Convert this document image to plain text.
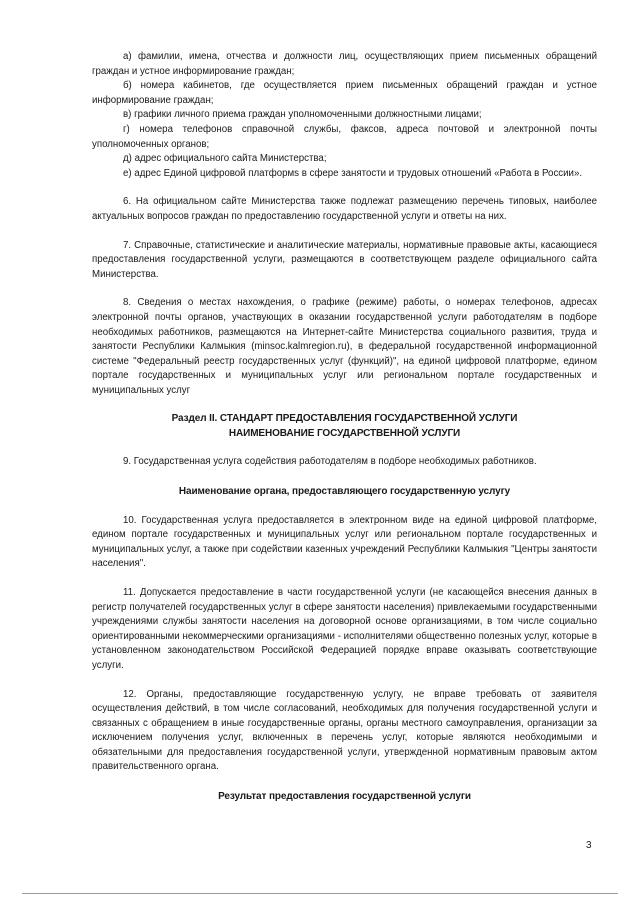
а) фамилии, имена, отчества и должности лиц, осуществляющих прием письменных обращений граждан и устное информирование граждан;

б) номера кабинетов, где осуществляется прием письменных обращений граждан и устное информирование граждан;

в) графики личного приема граждан уполномоченными должностными лицами;

г) номера телефонов справочной службы, факсов, адреса почтовой и электронной почты уполномоченных органов;

д) адрес официального сайта Министерства;

е) адрес Единой цифровой платформs в сфере занятости и трудовых отношений «Работа в России».

6. На официальном сайте Министерства также подлежат размещению перечень типовых, наиболее актуальных вопросов граждан по предоставлению государственной услуги и ответы на них.

7. Справочные, статистические и аналитические материалы, нормативные правовые акты, касающиеся предоставления государственной услуги, размещаются в соответствующем разделе официального сайта Министерства.

8. Сведения о местах нахождения, о графике (режиме) работы, о номерах телефонов, адресах электронной почты органов, участвующих в оказании государственной услуги работодателям в подборе необходимых работников, размещаются на Интернет-сайте Министерства социального развития, труда и занятости Республики Калмыкия (minsoc.kalmregion.ru), в федеральной государственной информационной системе "Федеральный реестр государственных услуг (функций)", на единой цифровой платформе, едином портале государственных и муниципальных услуг или региональном портале государственных и муниципальных услуг

Раздел II. СТАНДАРТ ПРЕДОСТАВЛЕНИЯ ГОСУДАРСТВЕННОЙ УСЛУГИ
НАИМЕНОВАНИЕ ГОСУДАРСТВЕННОЙ УСЛУГИ

9. Государственная услуга содействия работодателям в подборе необходимых работников.

Наименование органа, предоставляющего государственную услугу

10. Государственная услуга предоставляется в электронном виде на единой цифровой платформе, едином портале государственных и муниципальных услуг или региональном портале государственных и муниципальных услуг, а также при содействии казенных учреждений Республики Калмыкия "Центры занятости населения".

11. Допускается предоставление в части государственной услуги (не касающейся внесения данных в регистр получателей государственных услуг в сфере занятости населения) привлекаемыми государственными учреждениями службы занятости населения на договорной основе организациями, в том числе социально ориентированными некоммерческими организациями - исполнителями общественно полезных услуг, которые в установленном законодательством Российской Федерацией порядке вправе оказывать соответствующие услуги.

12. Органы, предоставляющие государственную услугу, не вправе требовать от заявителя осуществления действий, в том числе согласований, необходимых для получения государственной услуги и связанных с обращением в иные государственные органы, органы местного самоуправления, организации за исключением получения услуг, включенных в перечень услуг, которые являются необходимыми и обязательными для предоставления государственной услуги, утвержденной нормативным правовым актом правительственного органа.

Результат предоставления государственной услуги
3
